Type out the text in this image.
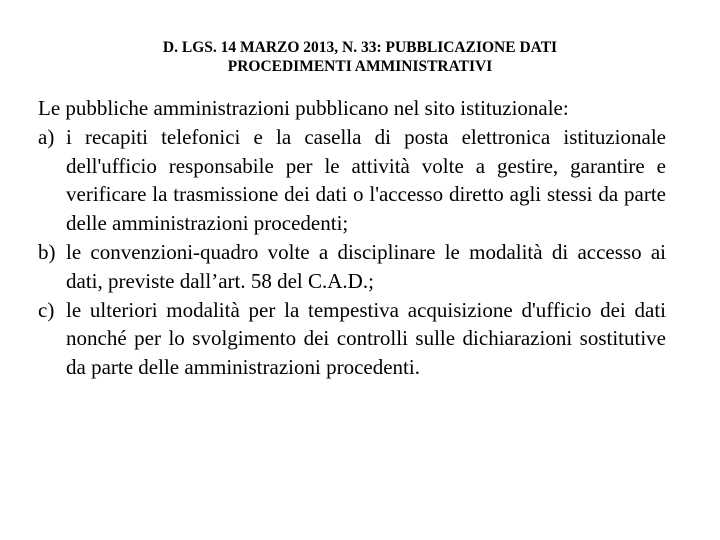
D. LGS. 14 MARZO 2013, N. 33: PUBBLICAZIONE DATI
PROCEDIMENTI AMMINISTRATIVI
Le pubbliche amministrazioni pubblicano nel sito istituzionale:
a) i recapiti telefonici e la casella di posta elettronica istituzionale dell'ufficio responsabile per le attività volte a gestire, garantire e verificare la trasmissione dei dati o l'accesso diretto agli stessi da parte delle amministrazioni procedenti;
b) le convenzioni-quadro volte a disciplinare le modalità di accesso ai dati, previste dall’art. 58 del C.A.D.;
c) le ulteriori modalità per la tempestiva acquisizione d'ufficio dei dati nonché per lo svolgimento dei controlli sulle dichiarazioni sostitutive da parte delle amministrazioni procedenti.
